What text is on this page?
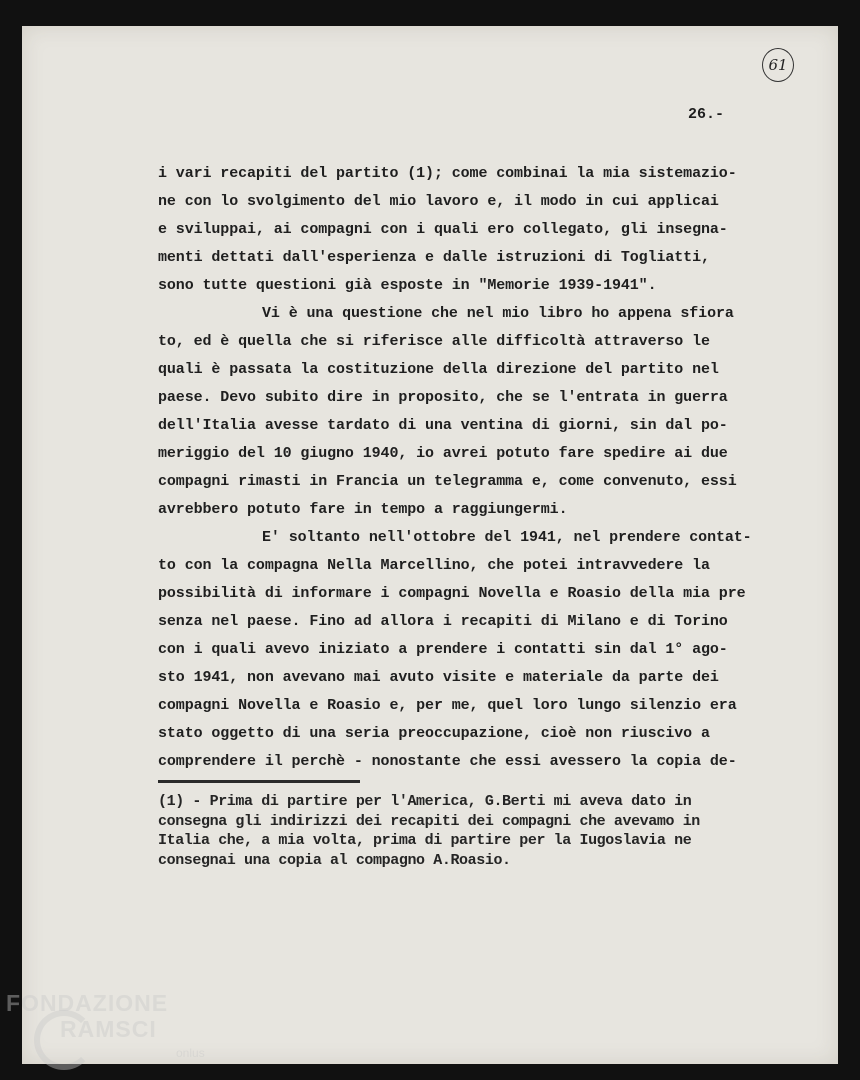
61
26.-
i vari recapiti del partito (1); come combinai la mia sistemazio-
ne con lo svolgimento del mio lavoro e, il modo in cui applicai
e sviluppai, ai compagni con i quali ero collegato, gli insegna-
menti dettati dall'esperienza e dalle istruzioni di Togliatti,
sono tutte questioni già esposte in "Memorie 1939-1941".
Vi è una questione che nel mio libro ho appena sfiora
to, ed è quella che si riferisce alle difficoltà attraverso le
quali è passata la costituzione della direzione del partito nel
paese. Devo subito dire in proposito, che se l'entrata in guerra
dell'Italia avesse tardato di una ventina di giorni, sin dal po-
meriggio del 10 giugno 1940, io avrei potuto fare spedire ai due
compagni rimasti in Francia un telegramma e, come convenuto, essi
avrebbero potuto fare in tempo a raggiungermi.
E' soltanto nell'ottobre del 1941, nel prendere contat-
to con la compagna Nella Marcellino, che potei intravvedere la
possibilità di informare i compagni Novella e Roasio della mia pre
senza nel paese. Fino ad allora i recapiti di Milano e di Torino
con i quali avevo iniziato a prendere i contatti sin dal 1° ago-
sto 1941, non avevano mai avuto visite e materiale da parte dei
compagni Novella e Roasio e, per me, quel loro lungo silenzio era
stato oggetto di una seria preoccupazione, cioè non riuscivo a
comprendere il perchè - nonostante che essi avessero la copia de-
(1) - Prima di partire per l'America, G.Berti mi aveva dato in
consegna gli indirizzi dei recapiti dei compagni che avevamo in
Italia che, a mia volta, prima di partire per la Iugoslavia ne
consegnai una copia al compagno A.Roasio.
FONDAZIONE
RAMSCI
onlus
